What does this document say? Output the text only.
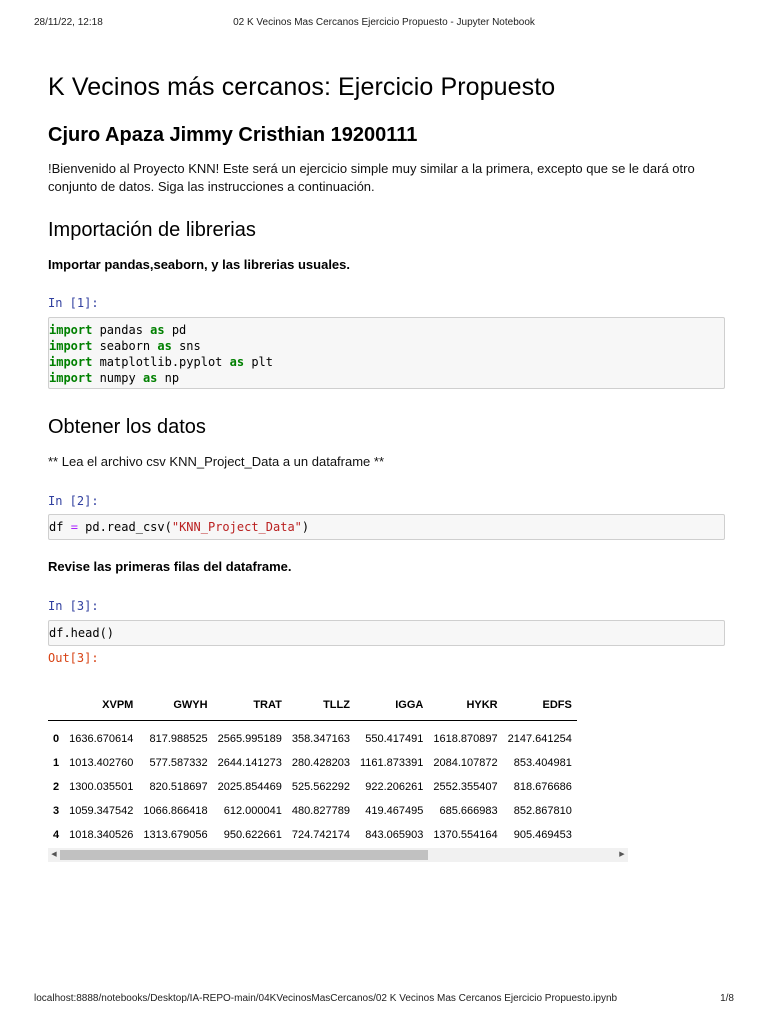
28/11/22, 12:18	02 K Vecinos Mas Cercanos Ejercicio Propuesto - Jupyter Notebook
K Vecinos más cercanos: Ejercicio Propuesto
Cjuro Apaza Jimmy Cristhian 19200111

!Bienvenido al Proyecto KNN! Este será un ejercicio simple muy similar a la primera, excepto que se le dará otro conjunto de datos. Siga las instrucciones a continuación.

Importación de librerias

Importar pandas,seaborn, y las librerias usuales.

In [1]:

import pandas as pd
import seaborn as sns
import matplotlib.pyplot as plt
import numpy as np
Obtener los datos

** Lea el archivo csv KNN_Project_Data a un dataframe **

In [2]:

df = pd.read_csv("KNN_Project_Data")

Revise las primeras filas del dataframe.

In [3]:

df.head()

Out[3]:

	XVPM	GWYH	TRAT	TLLZ	IGGA	HYKR	EDFS
0	1636.670614	817.988525	2565.995189	358.347163	550.417491	1618.870897	2147.641254
1	1013.402760	577.587332	2644.141273	280.428203	1161.873391	2084.107872	853.404981
2	1300.035501	820.518697	2025.854469	525.562292	922.206261	2552.355407	818.676686
3	1059.347542	1066.866418	612.000041	480.827789	419.467495	685.666983	852.867810
4	1018.340526	1313.679056	950.622661	724.742174	843.065903	1370.554164	905.469453
◀	▶
localhost:8888/notebooks/Desktop/IA-REPO-main/04KVecinosMasCercanos/02 K Vecinos Mas Cercanos Ejercicio Propuesto.ipynb	1/8
